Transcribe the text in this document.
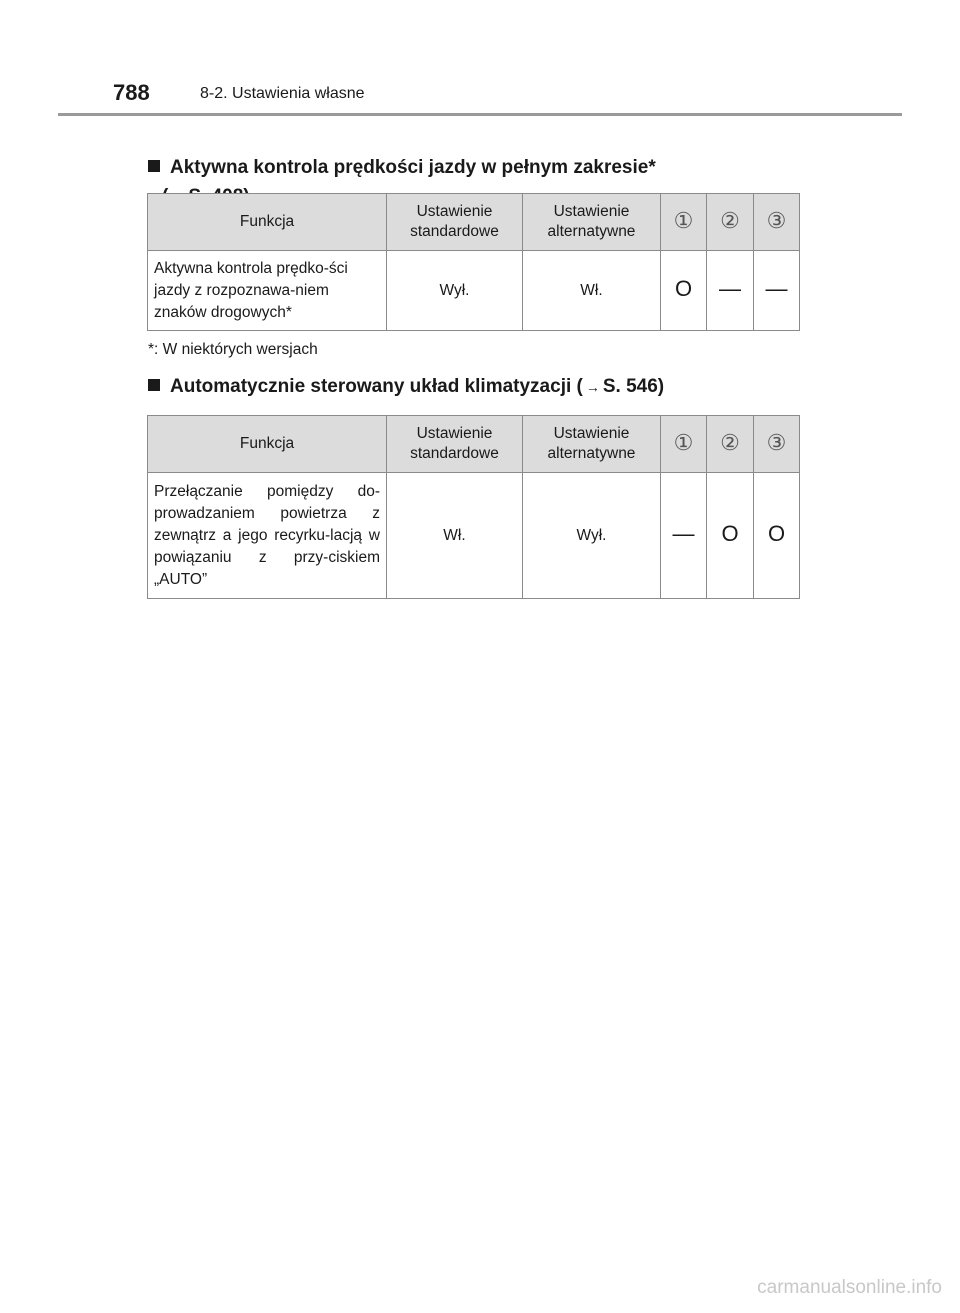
788	8-2. Ustawienia własne
Aktywna kontrola prędkości jazdy w pełnym zakresie*
Funkcja	Ustawienie standardowe	Ustawienie alternatywne	①	②	③
Aktywna kontrola prędko-ści jazdy z rozpoznawa-niem znaków drogowych*	Wył.	Wł.	O	—	—
*: W niektórych wersjach
Automatycznie sterowany układ klimatyzacji ( → S. 546)
Funkcja	Ustawienie standardowe	Ustawienie alternatywne	①	②	③
Przełączanie pomiędzy do-prowadzaniem powietrza z zewnątrz a jego recyrku-lacją w powiązaniu z przy-ciskiem „AUTO”	Wł.	Wył.	—	O	O
carmanualsonline.info
